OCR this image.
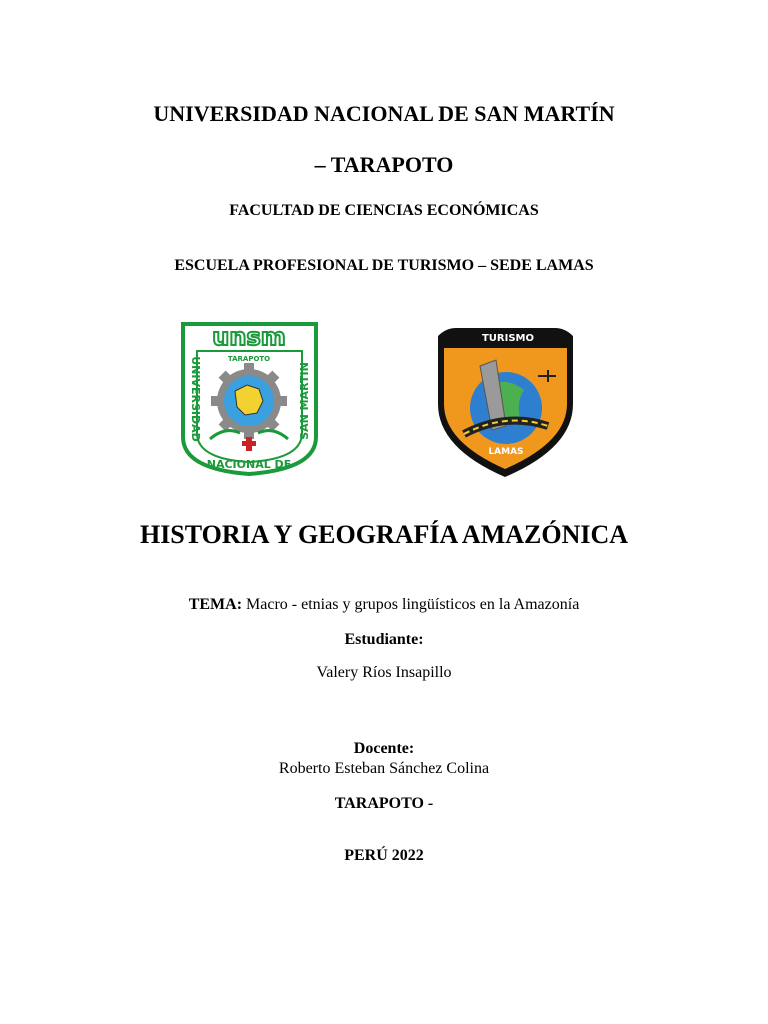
UNIVERSIDAD NACIONAL DE SAN MARTÍN
– TARAPOTO
FACULTAD DE CIENCIAS ECONÓMICAS
ESCUELA PROFESIONAL DE TURISMO – SEDE LAMAS
unsm
TARAPOTO
UNIVERSIDAD	SAN MARTIN
NACIONAL DE
TURISMO
LAMAS
HISTORIA Y GEOGRAFÍA AMAZÓNICA
TEMA: Macro - etnias y grupos lingüísticos en la Amazonía
Estudiante:
Valery Ríos Insapillo
Docente:
Roberto Esteban Sánchez Colina
TARAPOTO -
PERÚ 2022
